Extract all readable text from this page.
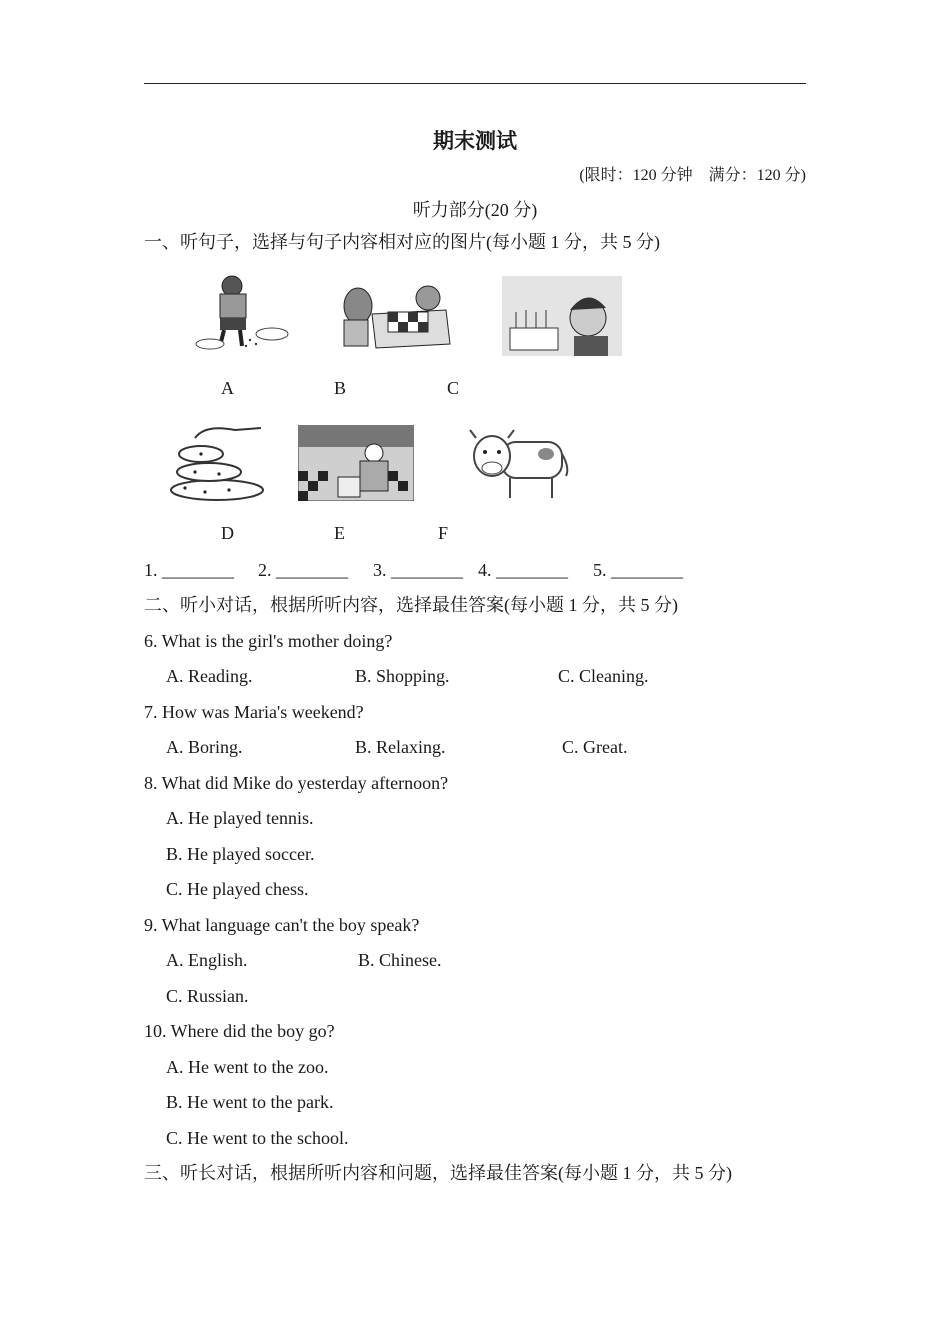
期末测试
(限时：120 分钟　满分：120 分)
听力部分(20 分)
一、听句子，选择与句子内容相对应的图片(每小题 1 分，共 5 分)
A	B	C
D	E	F
1. ________ 2. ________ 3. ________ 4. ________ 5. ________
二、听小对话，根据所听内容，选择最佳答案(每小题 1 分，共 5 分)
6. What is the girl's mother doing?
A. Reading.	B. Shopping.	C. Cleaning.
7. How was Maria's weekend?
A. Boring.	B. Relaxing.	C. Great.
8. What did Mike do yesterday afternoon?
A. He played tennis.
B. He played soccer.
C. He played chess.
9. What language can't the boy speak?
A. English.	B. Chinese.
C. Russian.
10. Where did the boy go?
A. He went to the zoo.
B. He went to the park.
C. He went to the school.
三、听长对话，根据所听内容和问题，选择最佳答案(每小题 1 分，共 5 分)
